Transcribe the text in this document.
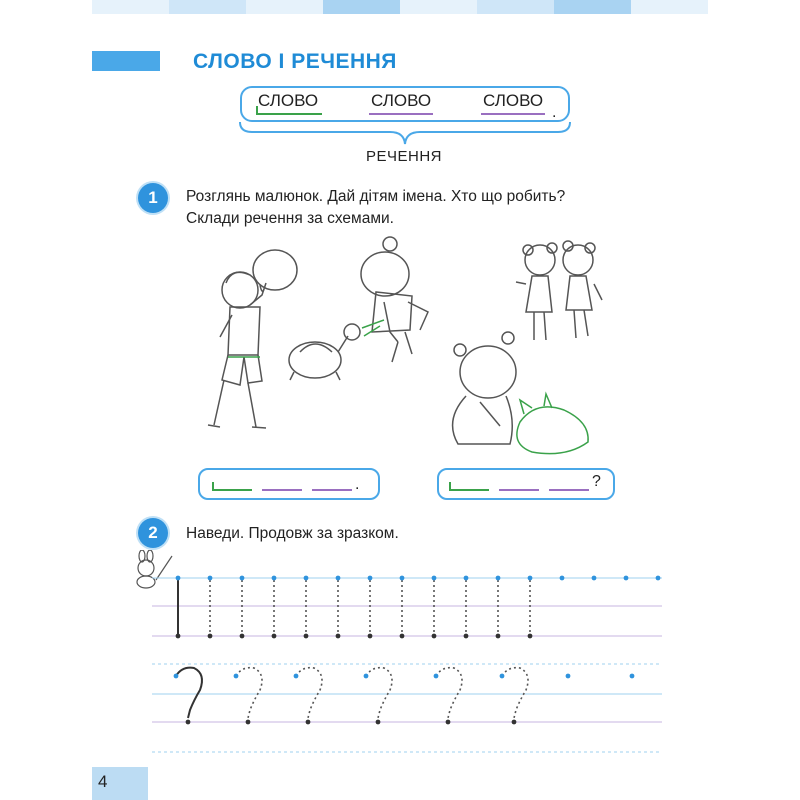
СЛОВО І РЕЧЕННЯ
СЛОВО	СЛОВО	СЛОВО
.
РЕЧЕННЯ
1	Розглянь малюнок. Дай дітям імена. Хто що робить?
Склади речення за схемами.
.	?
2	Наведи. Продовж за зразком.
4
